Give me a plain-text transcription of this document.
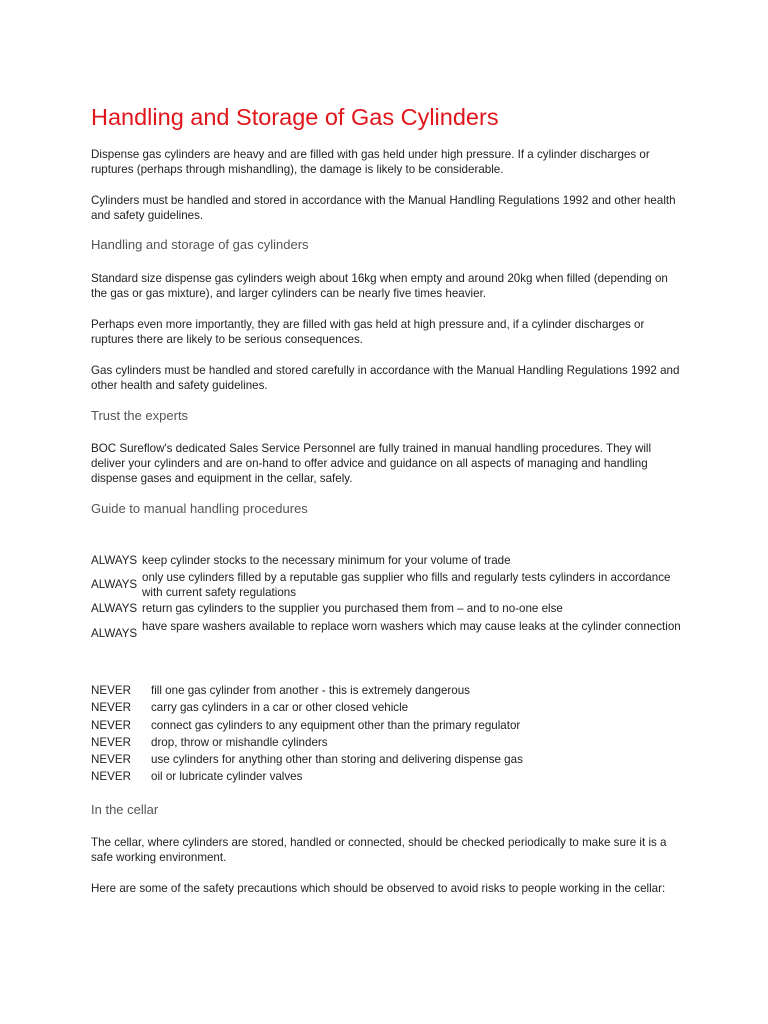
Handling and Storage of Gas Cylinders

Dispense gas cylinders are heavy and are filled with gas held under high pressure. If a cylinder discharges or ruptures (perhaps through mishandling), the damage is likely to be considerable.

Cylinders must be handled and stored in accordance with the Manual Handling Regulations 1992 and other health and safety guidelines.

Handling and storage of gas cylinders

Standard size dispense gas cylinders weigh about 16kg when empty and around 20kg when filled (depending on the gas or gas mixture), and larger cylinders can be nearly five times heavier.

Perhaps even more importantly, they are filled with gas held at high pressure and, if a cylinder discharges or ruptures there are likely to be serious consequences.

Gas cylinders must be handled and stored carefully in accordance with the Manual Handling Regulations 1992 and other health and safety guidelines.

Trust the experts

BOC Sureflow's dedicated Sales Service Personnel are fully trained in manual handling procedures. They will deliver your cylinders and are on-hand to offer advice and guidance on all aspects of managing and handling dispense gases and equipment in the cellar, safely.

Guide to manual handling procedures
ALWAYS keep cylinder stocks to the necessary minimum for your volume of trade
ALWAYS
only use cylinders filled by a reputable gas supplier who fills and regularly tests cylinders in accordance with current safety regulations
ALWAYS return gas cylinders to the supplier you purchased them from – and to no-one else
ALWAYS
have spare washers available to replace worn washers which may cause leaks at the cylinder connection
NEVER fill one gas cylinder from another - this is extremely dangerous
NEVER carry gas cylinders in a car or other closed vehicle
NEVER connect gas cylinders to any equipment other than the primary regulator
NEVER drop, throw or mishandle cylinders
NEVER use cylinders for anything other than storing and delivering dispense gas
NEVER oil or lubricate cylinder valves
In the cellar

The cellar, where cylinders are stored, handled or connected, should be checked periodically to make sure it is a safe working environment.

Here are some of the safety precautions which should be observed to avoid risks to people working in the cellar:
